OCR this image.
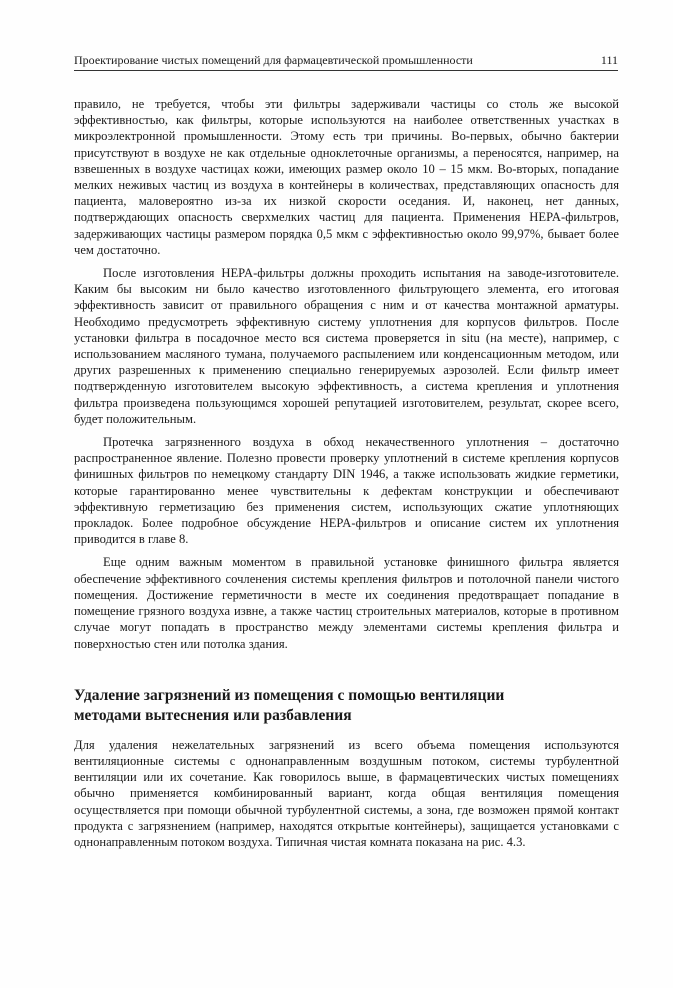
Проектирование чистых помещений для фармацевтической промышленности	111

правило, не требуется, чтобы эти фильтры задерживали частицы со столь же высокой эффективностью, как фильтры, которые используются на наиболее ответственных участках в микроэлектронной промышленности. Этому есть три причины. Во-первых, обычно бактерии присутствуют в воздухе не как отдельные одноклеточные организмы, а переносятся, например, на взвешенных в воздухе частицах кожи, имеющих размер около 10 – 15 мкм. Во-вторых, попадание мелких неживых частиц из воздуха в контейнеры в количествах, представляющих опасность для пациента, маловероятно из-за их низкой скорости оседания. И, наконец, нет данных, подтверждающих опасность сверхмелких частиц для пациента. Применения HEPA-фильтров, задерживающих частицы размером порядка 0,5 мкм с эффективностью около 99,97%, бывает более чем достаточно.

После изготовления HEPA-фильтры должны проходить испытания на заводе-изготовителе. Каким бы высоким ни было качество изготовленного фильтрующего элемента, его итоговая эффективность зависит от правильного обращения с ним и от качества монтажной арматуры. Необходимо предусмотреть эффективную систему уплотнения для корпусов фильтров. После установки фильтра в посадочное место вся система проверяется in situ (на месте), например, с использованием масляного тумана, получаемого распылением или конденсационным методом, или других разрешенных к применению специально генерируемых аэрозолей. Если фильтр имеет подтвержденную изготовителем высокую эффективность, а система крепления и уплотнения фильтра произведена пользующимся хорошей репутацией изготовителем, результат, скорее всего, будет положительным.

Протечка загрязненного воздуха в обход некачественного уплотнения – достаточно распространенное явление. Полезно провести проверку уплотнений в системе крепления корпусов финишных фильтров по немецкому стандарту DIN 1946, а также использовать жидкие герметики, которые гарантированно менее чувствительны к дефектам конструкции и обеспечивают эффективную герметизацию без применения систем, использующих сжатие уплотняющих прокладок. Более подробное обсуждение HEPA-фильтров и описание систем их уплотнения приводится в главе 8.

Еще одним важным моментом в правильной установке финишного фильтра является обеспечение эффективного сочленения системы крепления фильтров и потолочной панели чистого помещения. Достижение герметичности в месте их соединения предотвращает попадание в помещение грязного воздуха извне, а также частиц строительных материалов, которые в противном случае могут попадать в пространство между элементами системы крепления фильтра и поверхностью стен или потолка здания.

Удаление загрязнений из помещения с помощью вентиляции методами вытеснения или разбавления

Для удаления нежелательных загрязнений из всего объема помещения используются вентиляционные системы с однонаправленным воздушным потоком, системы турбулентной вентиляции или их сочетание. Как говорилось выше, в фармацевтических чистых помещениях обычно применяется комбинированный вариант, когда общая вентиляция помещения осуществляется при помощи обычной турбулентной системы, а зона, где возможен прямой контакт продукта с загрязнением (например, находятся открытые контейнеры), защищается установками с однонаправленным потоком воздуха. Типичная чистая комната показана на рис. 4.3.
